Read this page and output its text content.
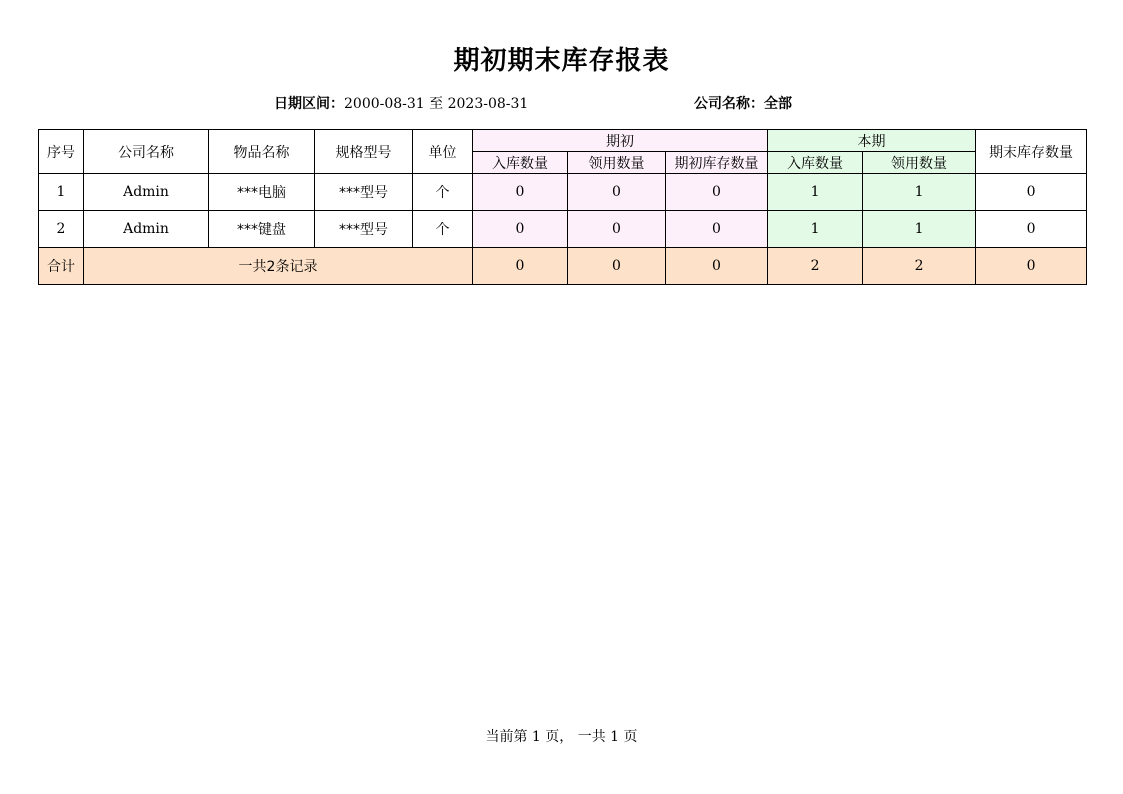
期初期末库存报表
日期区间：2000-08-31 至 2023-08-31	公司名称：全部
序号	公司名称	物品名称	规格型号	单位	期初			本期		期末库存数量
					入库数量	领用数量	期初库存数量	入库数量	领用数量	
1	Admin	***电脑	***型号	个	0	0	0	1	1	0
2	Admin	***键盘	***型号	个	0	0	0	1	1	0
合计	一共2条记录				0	0	0	2	2	0
当前第 1 页， 一共 1 页
